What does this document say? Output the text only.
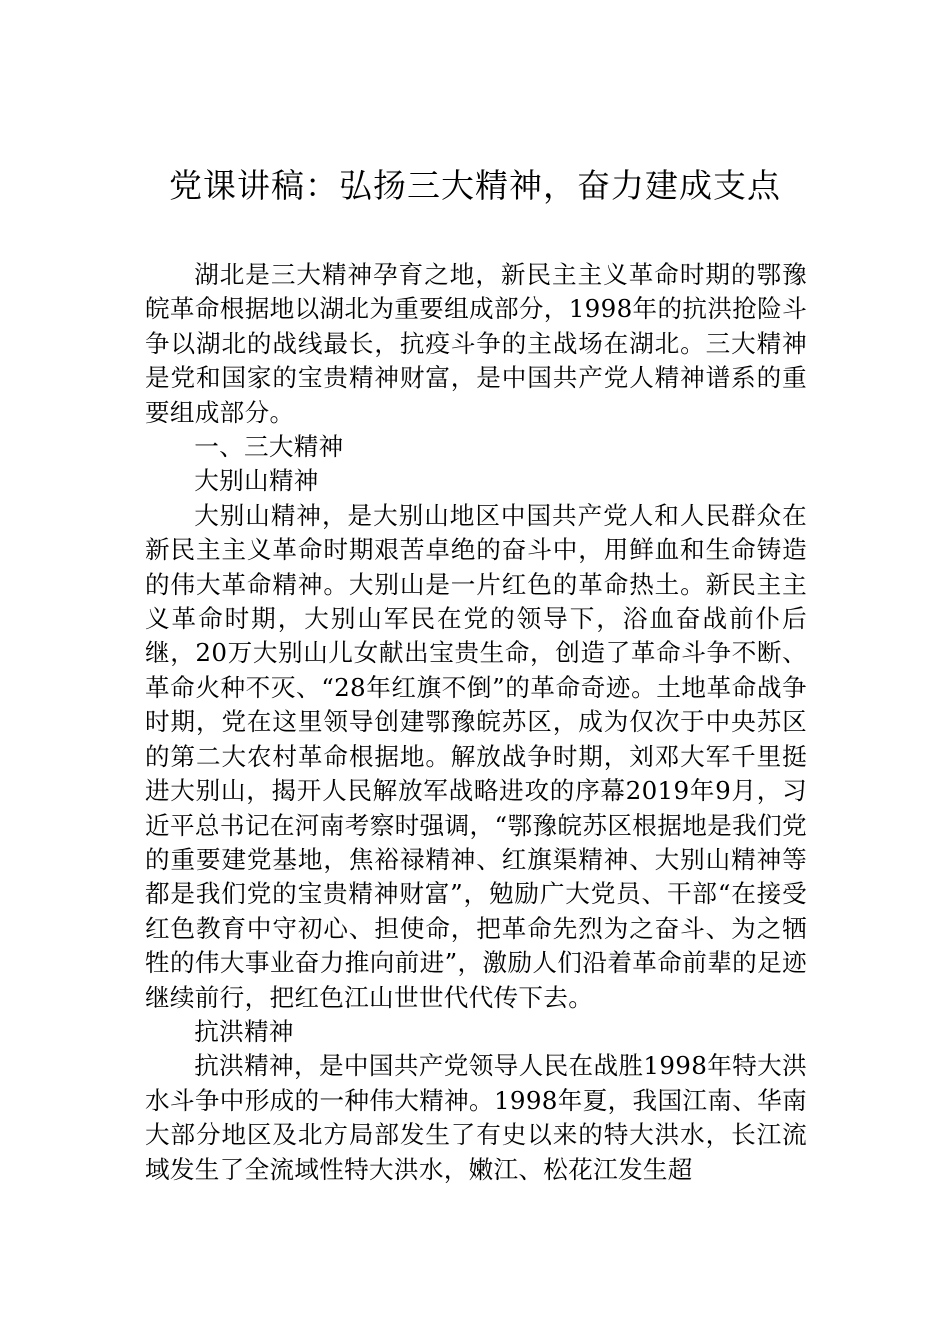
党课讲稿：弘扬三大精神，奋力建成支点

湖北是三大精神孕育之地，新民主主义革命时期的鄂豫皖革命根据地以湖北为重要组成部分，1998年的抗洪抢险斗争以湖北的战线最长，抗疫斗争的主战场在湖北。三大精神是党和国家的宝贵精神财富，是中国共产党人精神谱系的重要组成部分。

一、三大精神

大别山精神

大别山精神，是大别山地区中国共产党人和人民群众在新民主主义革命时期艰苦卓绝的奋斗中，用鲜血和生命铸造的伟大革命精神。大别山是一片红色的革命热土。新民主主义革命时期，大别山军民在党的领导下，浴血奋战前仆后继，20万大别山儿女献出宝贵生命，创造了革命斗争不断、革命火种不灭、“28年红旗不倒”的革命奇迹。土地革命战争时期，党在这里领导创建鄂豫皖苏区，成为仅次于中央苏区的第二大农村革命根据地。解放战争时期，刘邓大军千里挺进大别山，揭开人民解放军战略进攻的序幕2019年9月，习近平总书记在河南考察时强调，“鄂豫皖苏区根据地是我们党的重要建党基地，焦裕禄精神、红旗渠精神、大别山精神等都是我们党的宝贵精神财富”，勉励广大党员、干部“在接受红色教育中守初心、担使命，把革命先烈为之奋斗、为之牺牲的伟大事业奋力推向前进”，激励人们沿着革命前辈的足迹继续前行，把红色江山世世代代传下去。

抗洪精神

抗洪精神，是中国共产党领导人民在战胜1998年特大洪水斗争中形成的一种伟大精神。1998年夏，我国江南、华南大部分地区及北方局部发生了有史以来的特大洪水，长江流域发生了全流域性特大洪水，嫩江、松花江发生超
